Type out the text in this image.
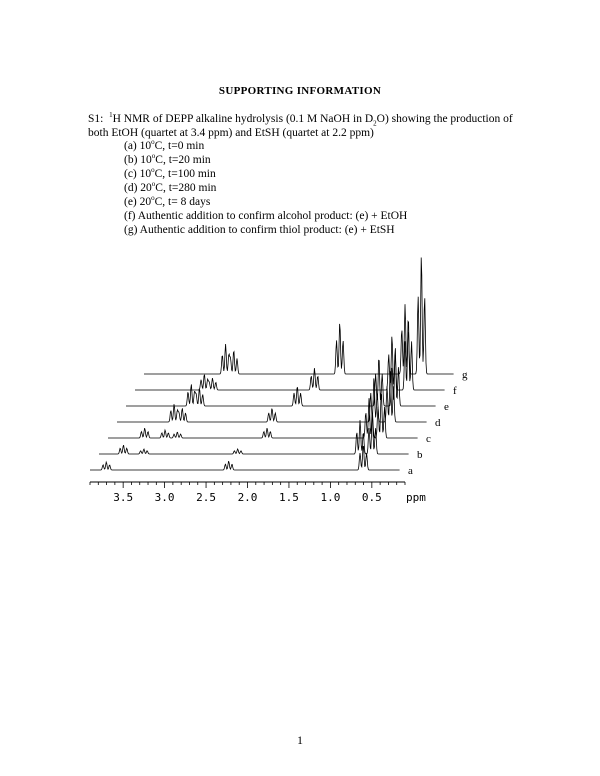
SUPPORTING INFORMATION
S1: $^1$H NMR of DEPP alkaline hydrolysis (0.1 M NaOH in $D_2O$) showing the production of both EtOH (quartet at 3.4 ppm) and EtSH (quartet at 2.2 ppm)
(a) 10$^o$C, t=0 min
(b) 10$^o$C, t=20 min
(c) 10$^o$C, t=100 min
(d) 20$^o$C, t=280 min
(e) 20$^o$C, t= 8 days
(f) Authentic addition to confirm alcohol product: (e) + EtOH
(g) Authentic addition to confirm thiol product: (e) + EtSH
3.5 3.0 2.5 2.0 1.5 1.0 0.5 ppm
a
b
c
d
e
f
g
1
